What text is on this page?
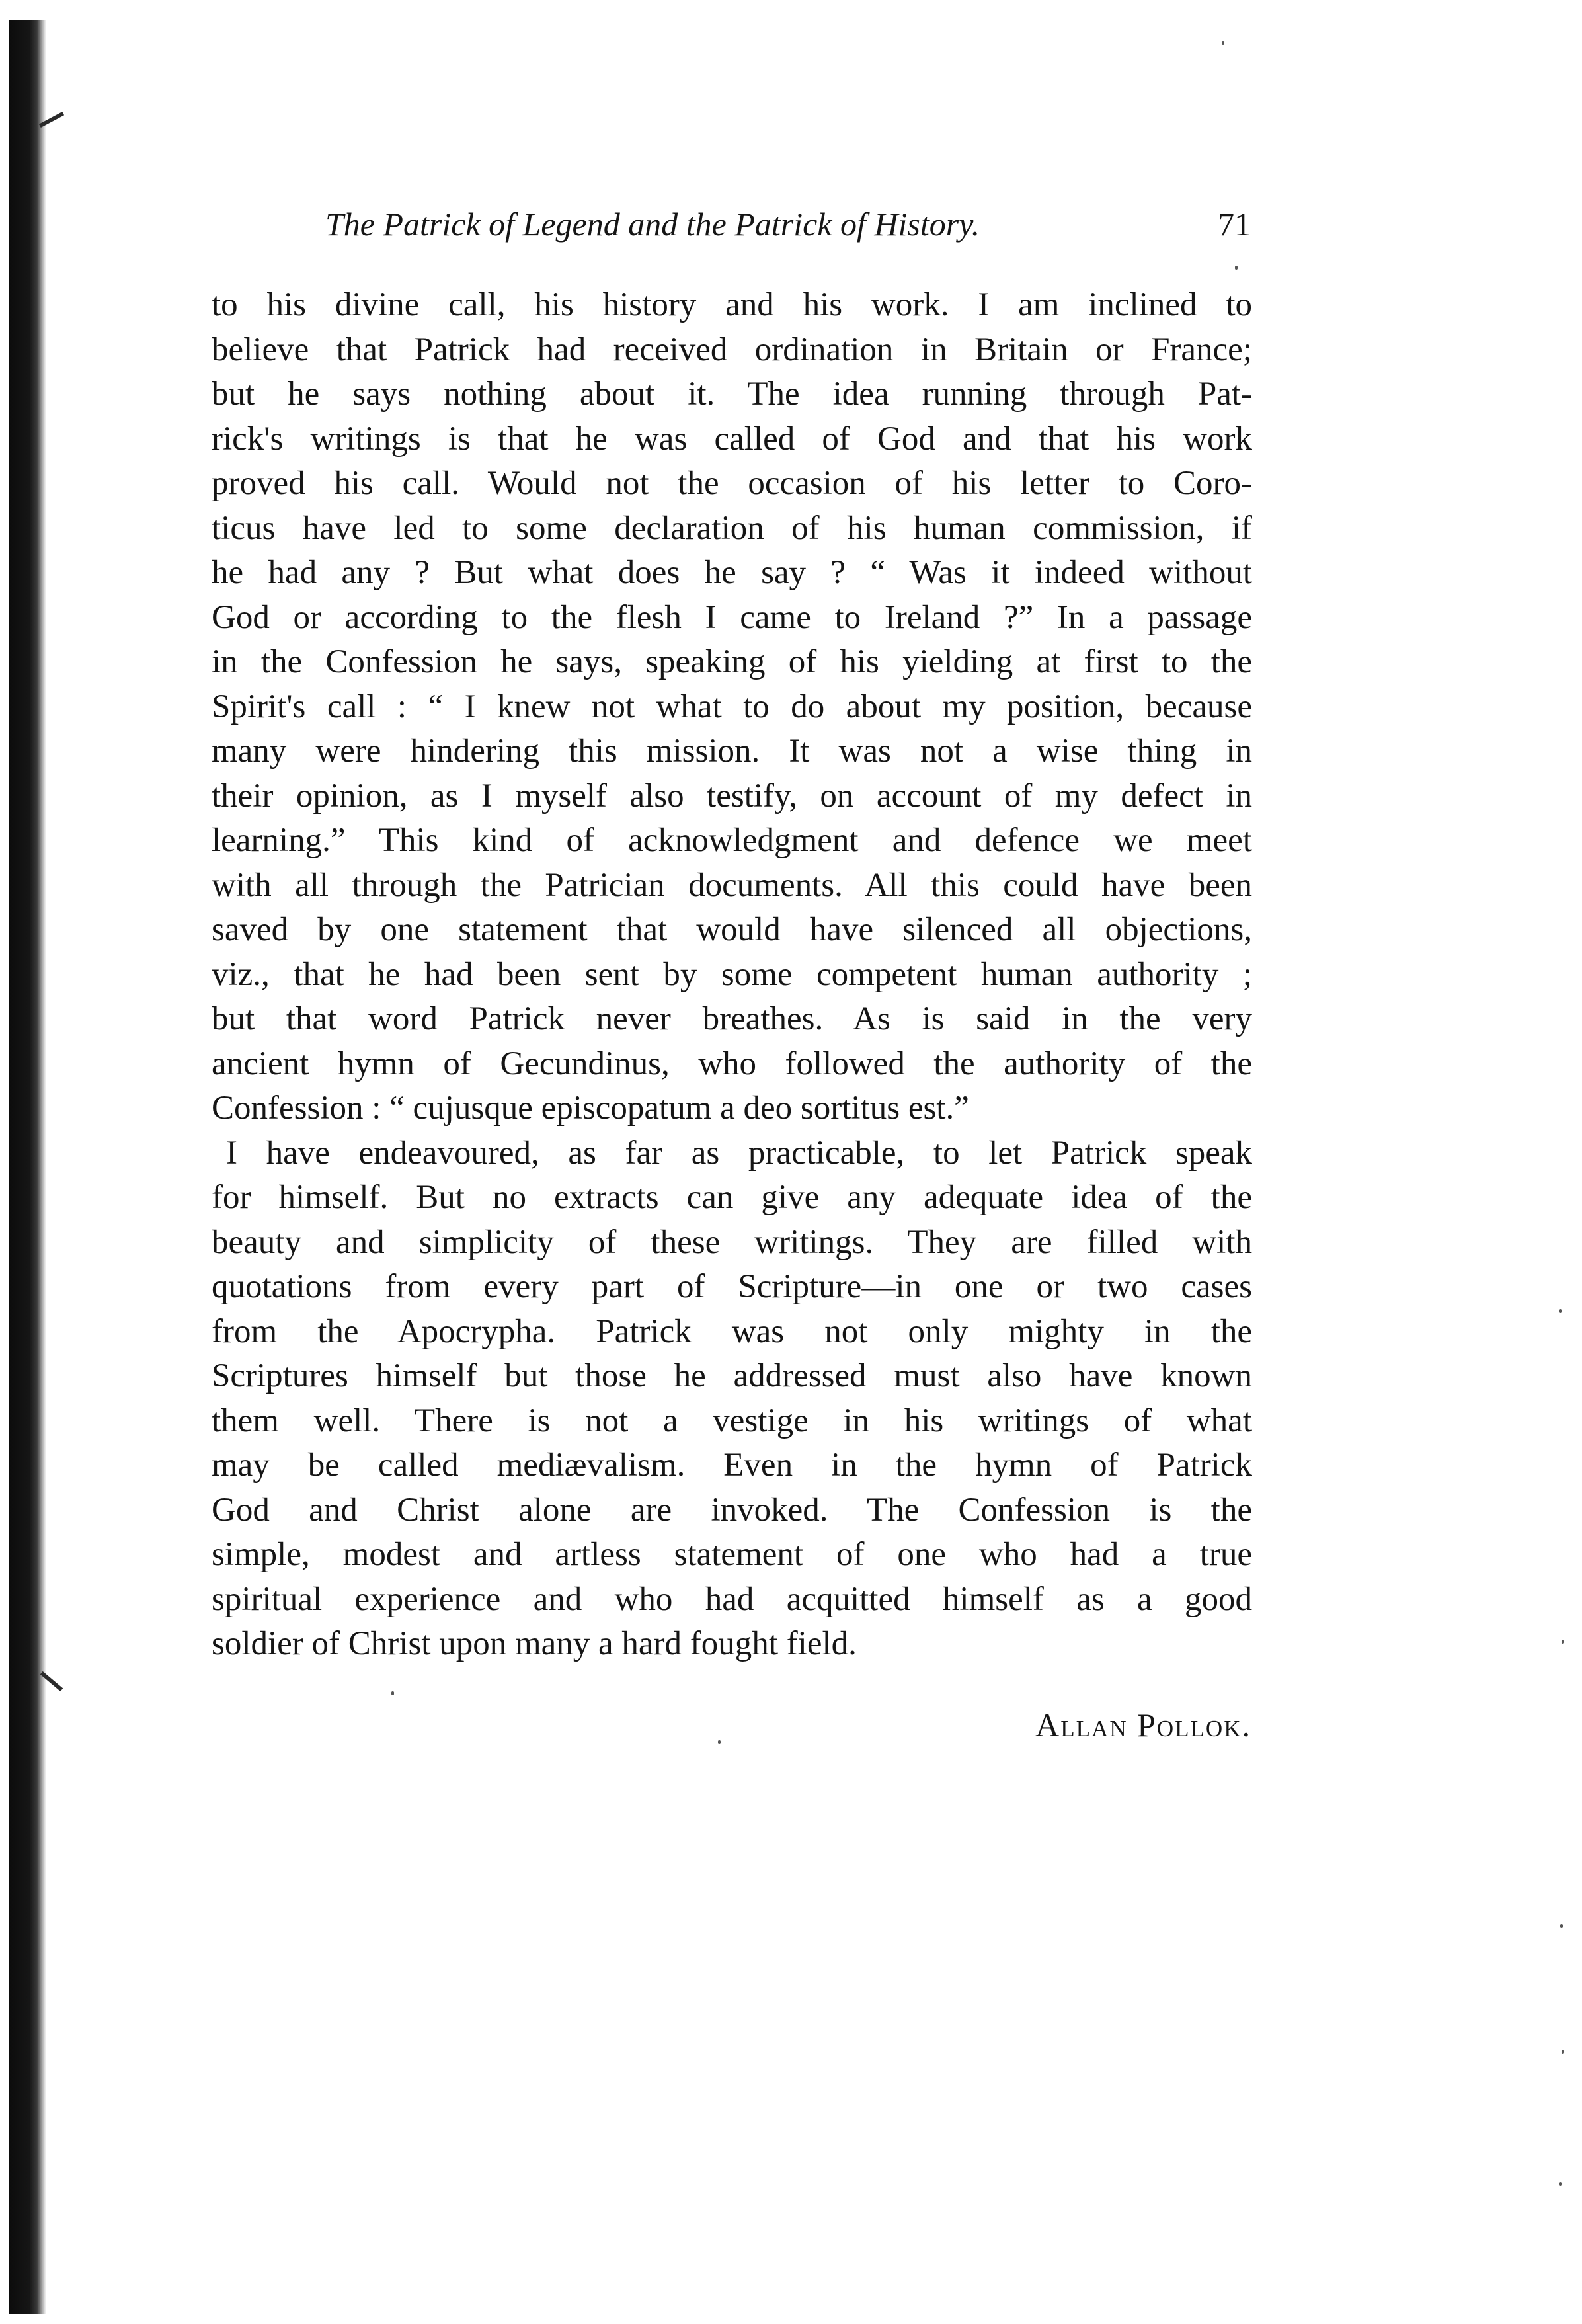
The Patrick of Legend and the Patrick of History.	71
to his divine call, his history and his work. I am inclined to
believe that Patrick had received ordination in Britain or France;
but he says nothing about it. The idea running through Pat-
rick's writings is that he was called of God and that his work
proved his call. Would not the occasion of his letter to Coro-
ticus have led to some declaration of his human commission, if
he had any ? But what does he say ? “ Was it indeed without
God or according to the flesh I came to Ireland ?” In a passage
in the Confession he says, speaking of his yielding at first to the
Spirit's call : “ I knew not what to do about my position, because
many were hindering this mission. It was not a wise thing in
their opinion, as I myself also testify, on account of my defect in
learning.” This kind of acknowledgment and defence we meet
with all through the Patrician documents. All this could have been
saved by one statement that would have silenced all objections,
viz., that he had been sent by some competent human authority ;
but that word Patrick never breathes. As is said in the very
ancient hymn of Gecundinus, who followed the authority of the
Confession : “ cujusque episcopatum a deo sortitus est.”
I have endeavoured, as far as practicable, to let Patrick speak
for himself. But no extracts can give any adequate idea of the
beauty and simplicity of these writings. They are filled with
quotations from every part of Scripture—in one or two cases
from the Apocrypha. Patrick was not only mighty in the
Scriptures himself but those he addressed must also have known
them well. There is not a vestige in his writings of what
may be called mediævalism. Even in the hymn of Patrick
God and Christ alone are invoked. The Confession is the
simple, modest and artless statement of one who had a true
spiritual experience and who had acquitted himself as a good
soldier of Christ upon many a hard fought field.
Allan Pollok.
